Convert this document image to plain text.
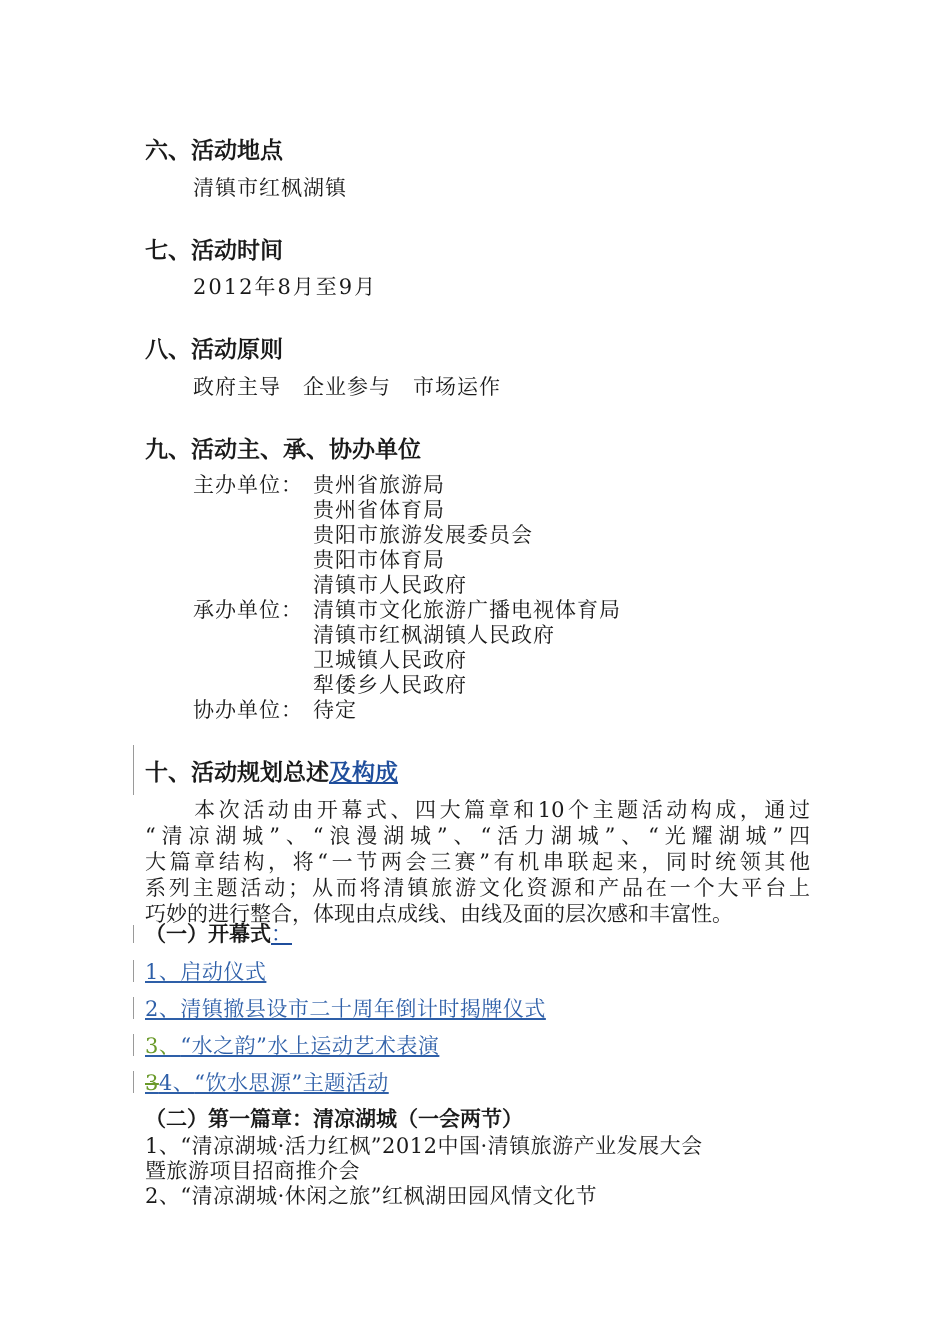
六、活动地点
清镇市红枫湖镇
七、活动时间
2012年8月至9月
八、活动原则
政府主导　企业参与　市场运作
九、活动主、承、协办单位
主办单位： 贵州省旅游局
贵州省体育局
贵阳市旅游发展委员会
贵阳市体育局
清镇市人民政府
承办单位： 清镇市文化旅游广播电视体育局
清镇市红枫湖镇人民政府
卫城镇人民政府
犁倭乡人民政府
协办单位： 待定
十、活动规划总述及构成
　　本次活动由开幕式、四大篇章和10个主题活动构成，通过
“清凉湖城”、“浪漫湖城”、“活力湖城”、“光耀湖城”四
大篇章结构，将“一节两会三赛”有机串联起来，同时统领其他
系列主题活动；从而将清镇旅游文化资源和产品在一个大平台上
巧妙的进行整合，体现由点成线、由线及面的层次感和丰富性。
（一）开幕式：
1、启动仪式
2、清镇撤县设市二十周年倒计时揭牌仪式
3、“水之韵”水上运动艺术表演
34、“饮水思源”主题活动
（二）第一篇章：清凉湖城（一会两节）
1、“清凉湖城·活力红枫”2012中国·清镇旅游产业发展大会
暨旅游项目招商推介会
2、“清凉湖城·休闲之旅”红枫湖田园风情文化节
